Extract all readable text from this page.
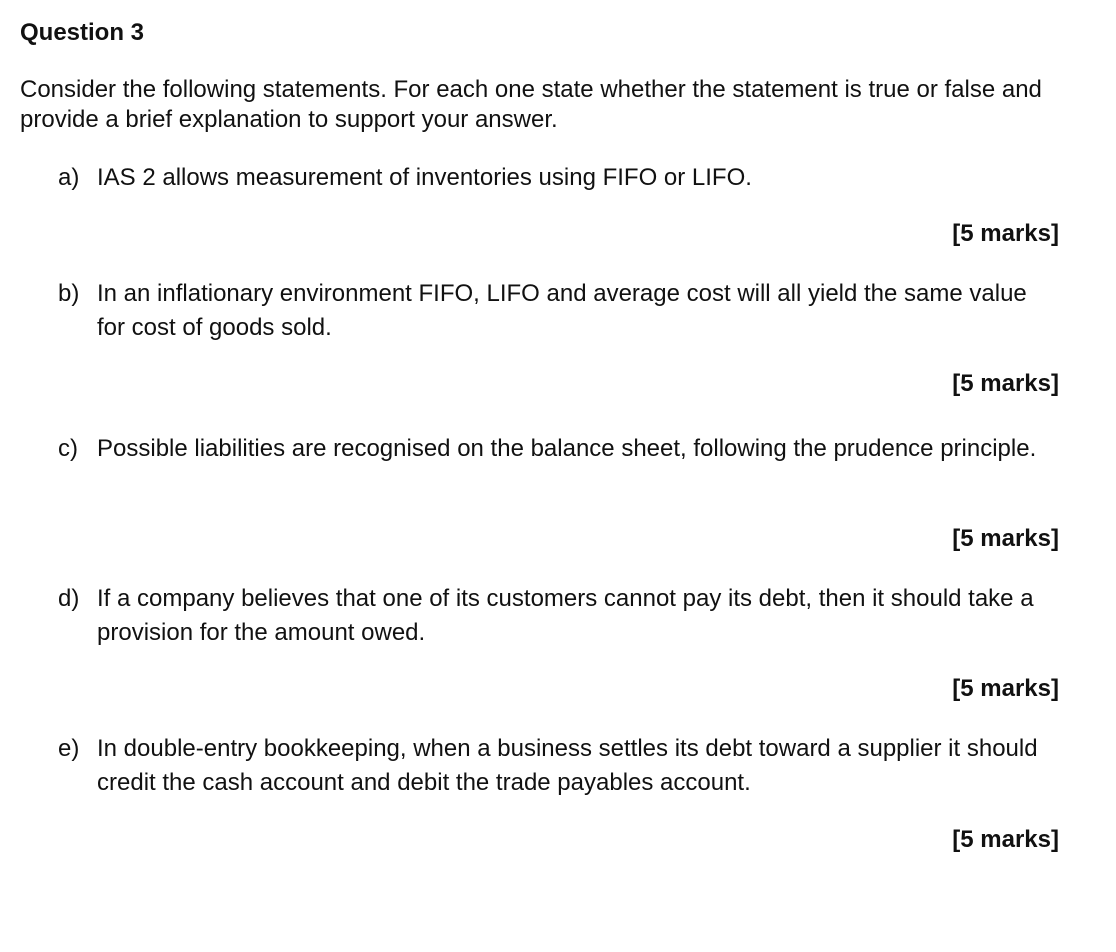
Question 3

Consider the following statements. For each one state whether the statement is true or false and provide a brief explanation to support your answer.

a) IAS 2 allows measurement of inventories using FIFO or LIFO.
[5 marks]
b) In an inflationary environment FIFO, LIFO and average cost will all yield the same value for cost of goods sold.
[5 marks]
c) Possible liabilities are recognised on the balance sheet, following the prudence principle.
[5 marks]
d) If a company believes that one of its customers cannot pay its debt, then it should take a provision for the amount owed.
[5 marks]
e) In double-entry bookkeeping, when a business settles its debt toward a supplier it should credit the cash account and debit the trade payables account.
[5 marks]
